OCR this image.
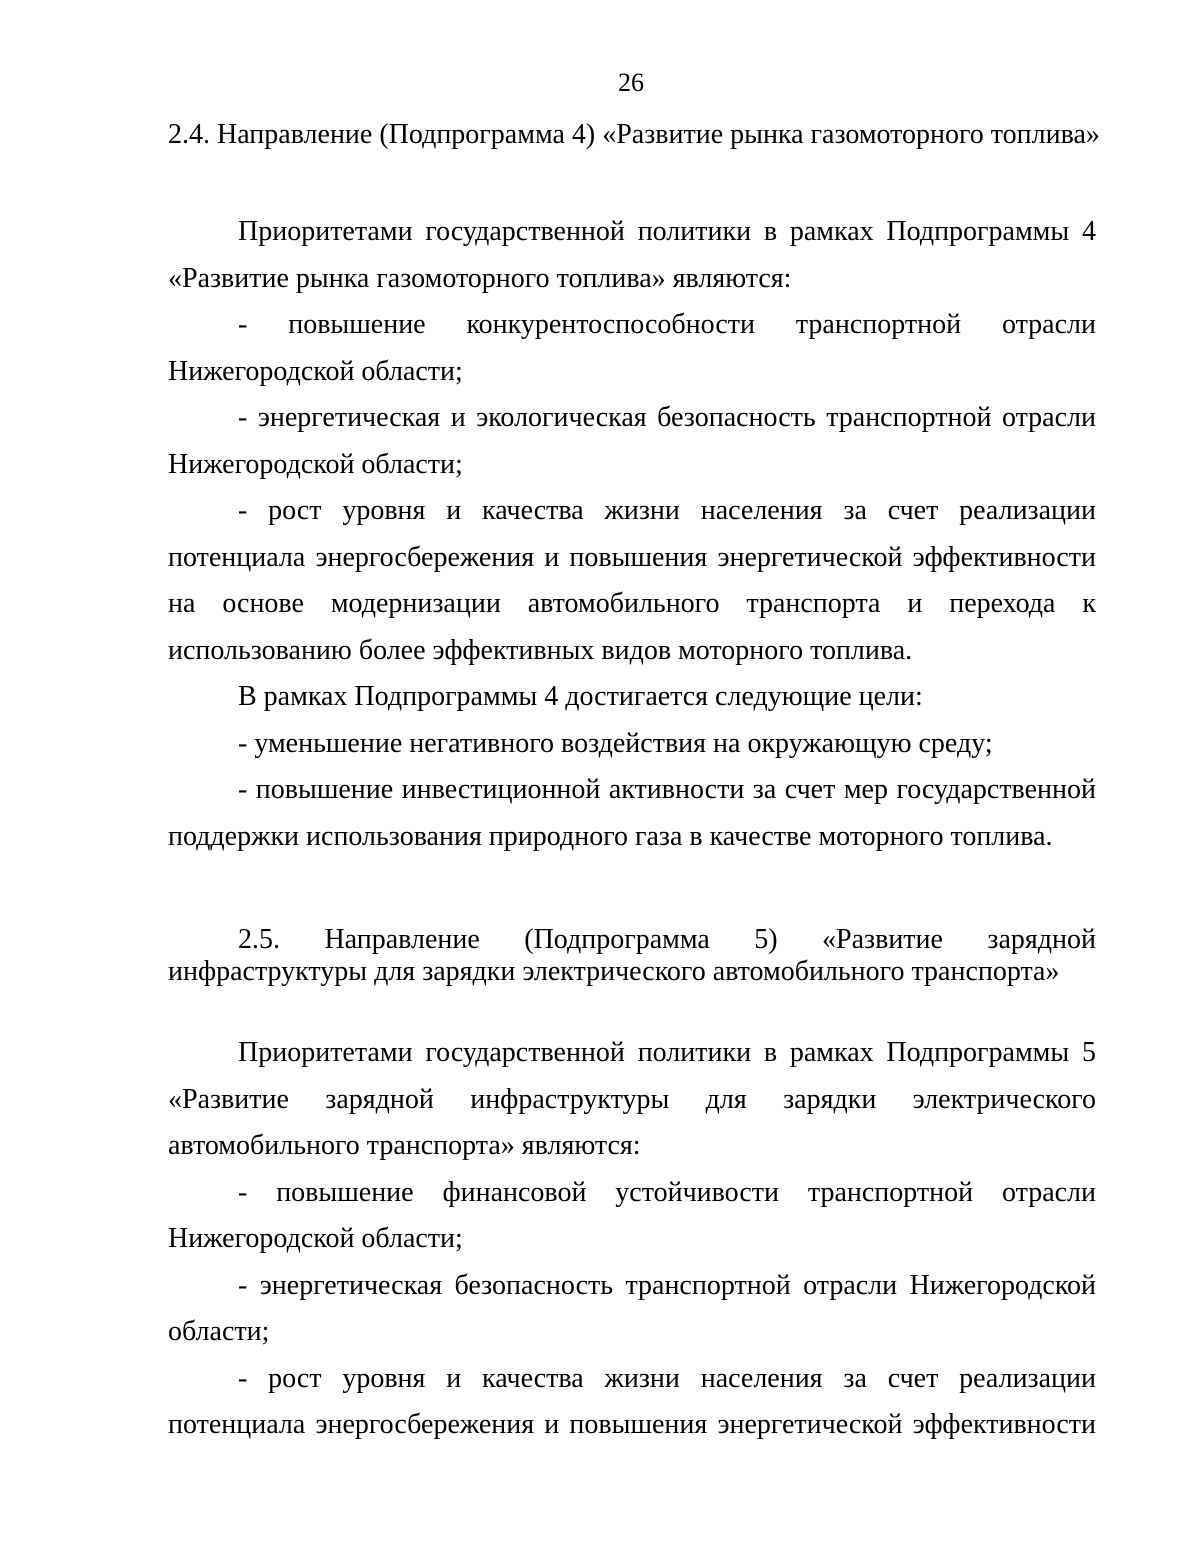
26
2.4. Направление (Подпрограмма 4) «Развитие рынка газомоторного топлива»

Приоритетами государственной политики в рамках Подпрограммы 4 «Развитие рынка газомоторного топлива» являются:

- повышение конкурентоспособности транспортной отрасли Нижегородской области;

- энергетическая и экологическая безопасность транспортной отрасли Нижегородской области;

- рост уровня и качества жизни населения за счет реализации потенциала энергосбережения и повышения энергетической эффективности на основе модернизации автомобильного транспорта и перехода к использованию более эффективных видов моторного топлива.

В рамках Подпрограммы 4 достигается следующие цели:

- уменьшение негативного воздействия на окружающую среду;

- повышение инвестиционной активности за счет мер государственной поддержки использования природного газа в качестве моторного топлива.

2.5. Направление (Подпрограмма 5) «Развитие зарядной инфраструктуры для зарядки электрического автомобильного транспорта»

Приоритетами государственной политики в рамках Подпрограммы 5 «Развитие зарядной инфраструктуры для зарядки электрического автомобильного транспорта» являются:

- повышение финансовой устойчивости транспортной отрасли Нижегородской области;

- энергетическая безопасность транспортной отрасли Нижегородской области;

- рост уровня и качества жизни населения за счет реализации потенциала энергосбережения и повышения энергетической эффективности
